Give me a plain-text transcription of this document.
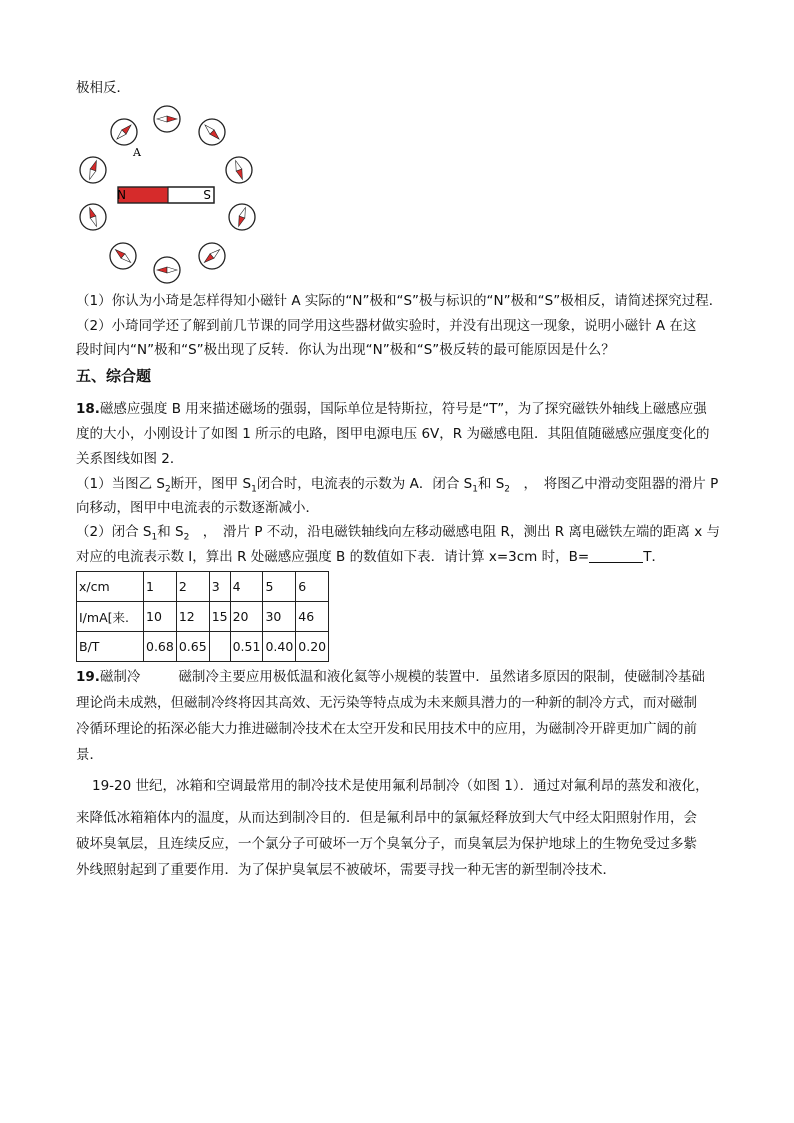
极相反．
A
N	S
（1）你认为小琦是怎样得知小磁针 A 实际的“N”极和“S”极与标识的“N”极和“S”极相反，请简述探究过程．
（2）小琦同学还了解到前几节课的同学用这些器材做实验时，并没有出现这一现象，说明小磁针 A 在这
段时间内“N”极和“S”极出现了反转．你认为出现“N”极和“S”极反转的最可能原因是什么？
五、综合题
18.磁感应强度 B 用来描述磁场的强弱，国际单位是特斯拉，符号是“T”，为了探究磁铁外轴线上磁感应强
度的大小，小刚设计了如图 1 所示的电路，图甲电源电压 6V，R 为磁感电阻．其阻值随磁感应强度变化的
关系图线如图 2．
（1）当图乙 $S_2$断开，图甲 $S_1$闭合时，电流表的示数为 A．闭合 $S_1$和 $S_2$　，　将图乙中滑动变阻器的滑片 P
向移动，图甲中电流表的示数逐渐减小．
（2）闭合 $S_1$和 $S_2$　，　滑片 P 不动，沿电磁铁轴线向左移动磁感电阻 R，测出 R 离电磁铁左端的距离 x 与
对应的电流表示数 I，算出 R 处磁感应强度 B 的数值如下表．请计算 x=3cm 时，B=	T．
x/cm	1	2	3	4	5	6
I/mA[来.	10	12	15	20	30	46
B/T	0.68	0.65		0.51	0.40	0.20
19.磁制冷	磁制冷主要应用极低温和液化氦等小规模的装置中．虽然诸多原因的限制，使磁制冷基础
理论尚未成熟，但磁制冷终将因其高效、无污染等特点成为未来颇具潜力的一种新的制冷方式，而对磁制
冷循环理论的拓深必能大力推进磁制冷技术在太空开发和民用技术中的应用，为磁制冷开辟更加广阔的前
景．
19-20 世纪，冰箱和空调最常用的制冷技术是使用氟利昂制冷（如图 1）．通过对氟利昂的蒸发和液化，
来降低冰箱箱体内的温度，从而达到制冷目的．但是氟利昂中的氯氟烃释放到大气中经太阳照射作用，会
破坏臭氧层，且连续反应，一个氯分子可破坏一万个臭氧分子，而臭氧层为保护地球上的生物免受过多紫
外线照射起到了重要作用．为了保护臭氧层不被破坏，需要寻找一种无害的新型制冷技术．
